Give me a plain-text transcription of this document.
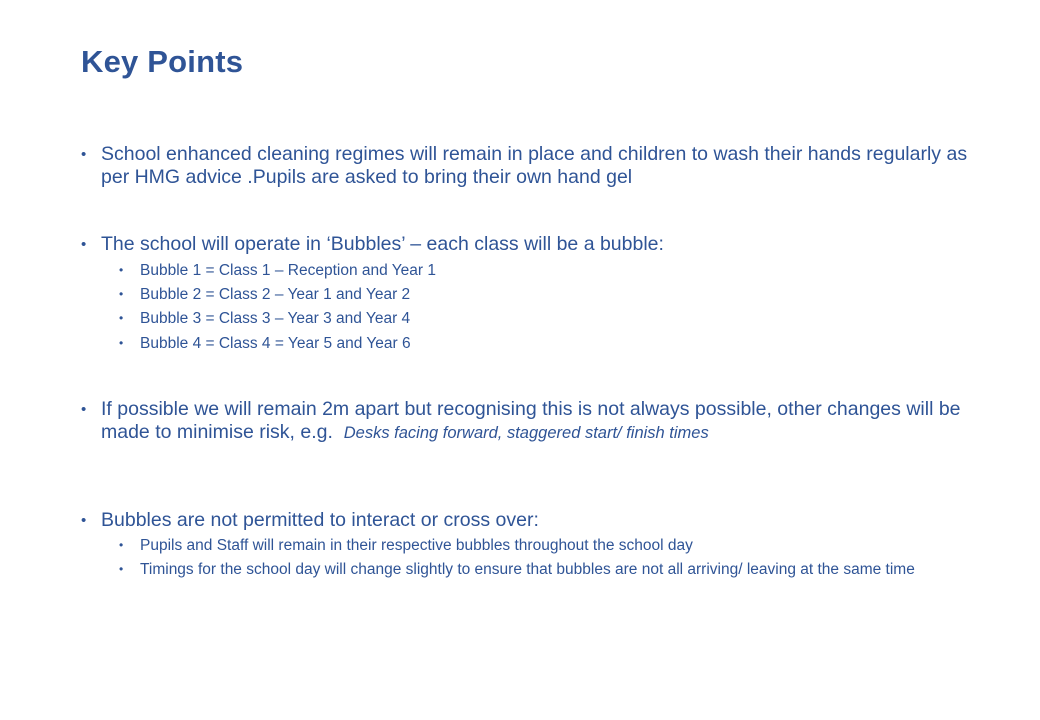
Key Points
• School enhanced cleaning regimes will remain in place and children to wash their hands regularly as per HMG advice .Pupils are asked to bring their own hand gel
• The school will operate in ‘Bubbles’ – each class will be a bubble:
•	Bubble 1 = Class 1 – Reception and Year 1
•	Bubble 2 = Class 2 – Year 1 and Year 2
•	Bubble 3 = Class 3 – Year 3 and Year 4
•	Bubble 4 = Class 4 = Year 5 and Year 6
• If possible we will remain 2m apart but recognising this is not always possible, other changes will be made to minimise risk, e.g. Desks facing forward, staggered start/ finish times
• Bubbles are not permitted to interact or cross over:
•	Pupils and Staff will remain in their respective bubbles throughout the school day
•	Timings for the school day will change slightly to ensure that bubbles are not all arriving/ leaving at the same time
